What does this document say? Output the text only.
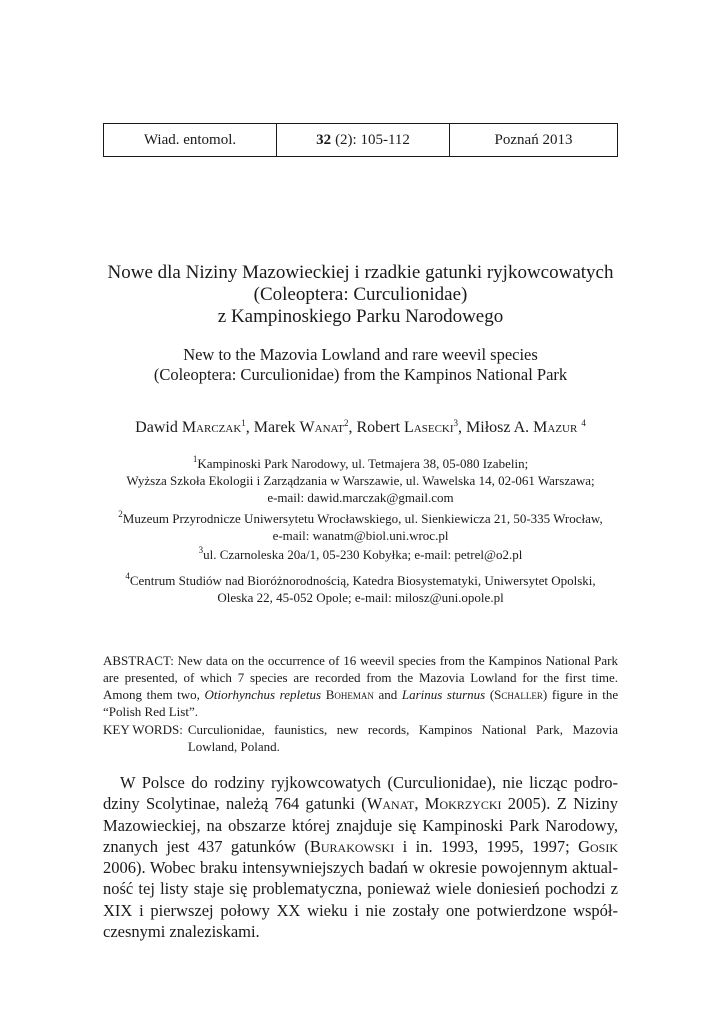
Wiad. entomol.	32 (2): 105-112	Poznań 2013
Nowe dla Niziny Mazowieckiej i rzadkie gatunki ryjkowcowatych
(Coleoptera: Curculionidae)
z Kampinoskiego Parku Narodowego
New to the Mazovia Lowland and rare weevil species
(Coleoptera: Curculionidae) from the Kampinos National Park
Dawid Marczak$^1$, Marek Wanat$^2$, Robert Lasecki$^3$, Miłosz A. Mazur $^4$
$^1$Kampinoski Park Narodowy, ul. Tetmajera 38, 05-080 Izabelin;
Wyższa Szkoła Ekologii i Zarządzania w Warszawie, ul. Wawelska 14, 02-061 Warszawa;
e-mail: dawid.marczak@gmail.com
$^2$Muzeum Przyrodnicze Uniwersytetu Wrocławskiego, ul. Sienkiewicza 21, 50-335 Wrocław,
e-mail: wanatm@biol.uni.wroc.pl
$^3$ul. Czarnoleska 20a/1, 05-230 Kobyłka; e-mail: petrel@o2.pl
$^4$Centrum Studiów nad Bioróżnorodnością, Katedra Biosystematyki, Uniwersytet Opolski,
Oleska 22, 45-052 Opole; e-mail: milosz@uni.opole.pl
ABSTRACT: New data on the occurrence of 16 weevil species from the Kampinos National Park are presented, of which 7 species are recorded from the Mazovia Lowland for the first time. Among them two, Otiorhynchus repletus Boheman and Larinus sturnus (Schaller) figure in the “Polish Red List”.
KEY WORDS: Curculionidae, faunistics, new records, Kampinos National Park, Mazovia Lowland, Poland.
W Polsce do rodziny ryjkowcowatych (Curculionidae), nie licząc podrodziny Scolytinae, należą 764 gatunki (Wanat, Mokrzycki 2005). Z Niziny Mazowieckiej, na obszarze której znajduje się Kampinoski Park Narodowy, znanych jest 437 gatunków (Burakowski i in. 1993, 1995, 1997; Gosik 2006). Wobec braku intensywniejszych badań w okresie powojennym aktualność tej listy staje się problematyczna, ponieważ wiele doniesień pochodzi z XIX i pierwszej połowy XX wieku i nie zostały one potwierdzone współczesnymi znaleziskami.
